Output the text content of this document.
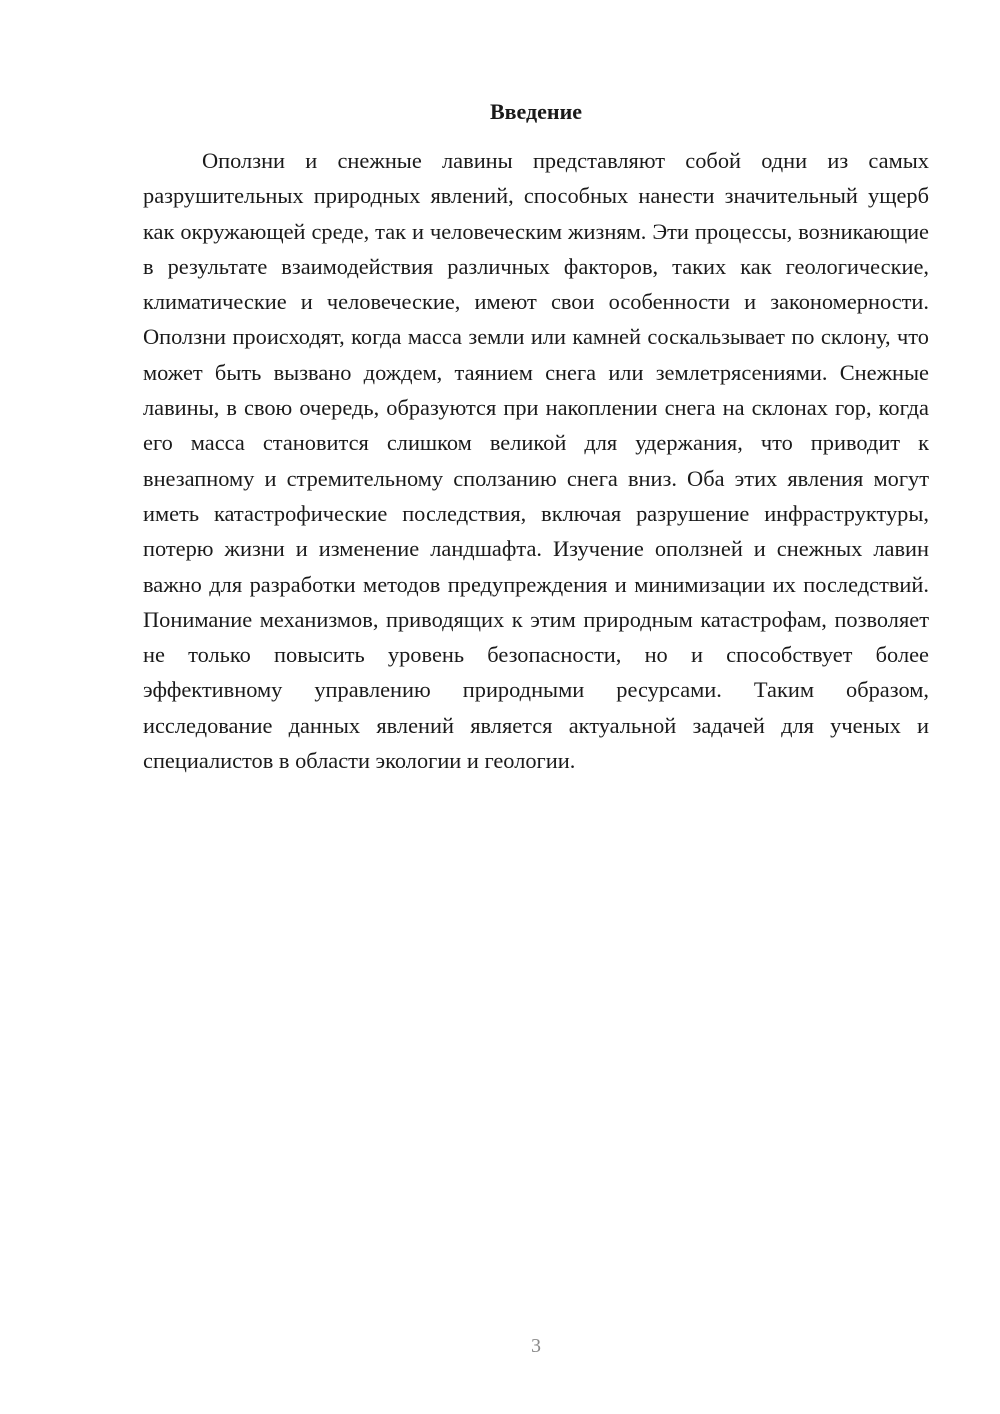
Введение

Оползни и снежные лавины представляют собой одни из самых разрушительных природных явлений, способных нанести значительный ущерб как окружающей среде, так и человеческим жизням. Эти процессы, возникающие в результате взаимодействия различных факторов, таких как геологические, климатические и человеческие, имеют свои особенности и закономерности. Оползни происходят, когда масса земли или камней соскальзывает по склону, что может быть вызвано дождем, таянием снега или землетрясениями. Снежные лавины, в свою очередь, образуются при накоплении снега на склонах гор, когда его масса становится слишком великой для удержания, что приводит к внезапному и стремительному сползанию снега вниз. Оба этих явления могут иметь катастрофические последствия, включая разрушение инфраструктуры, потерю жизни и изменение ландшафта. Изучение оползней и снежных лавин важно для разработки методов предупреждения и минимизации их последствий. Понимание механизмов, приводящих к этим природным катастрофам, позволяет не только повысить уровень безопасности, но и способствует более эффективному управлению природными ресурсами. Таким образом, исследование данных явлений является актуальной задачей для ученых и специалистов в области экологии и геологии.

3
